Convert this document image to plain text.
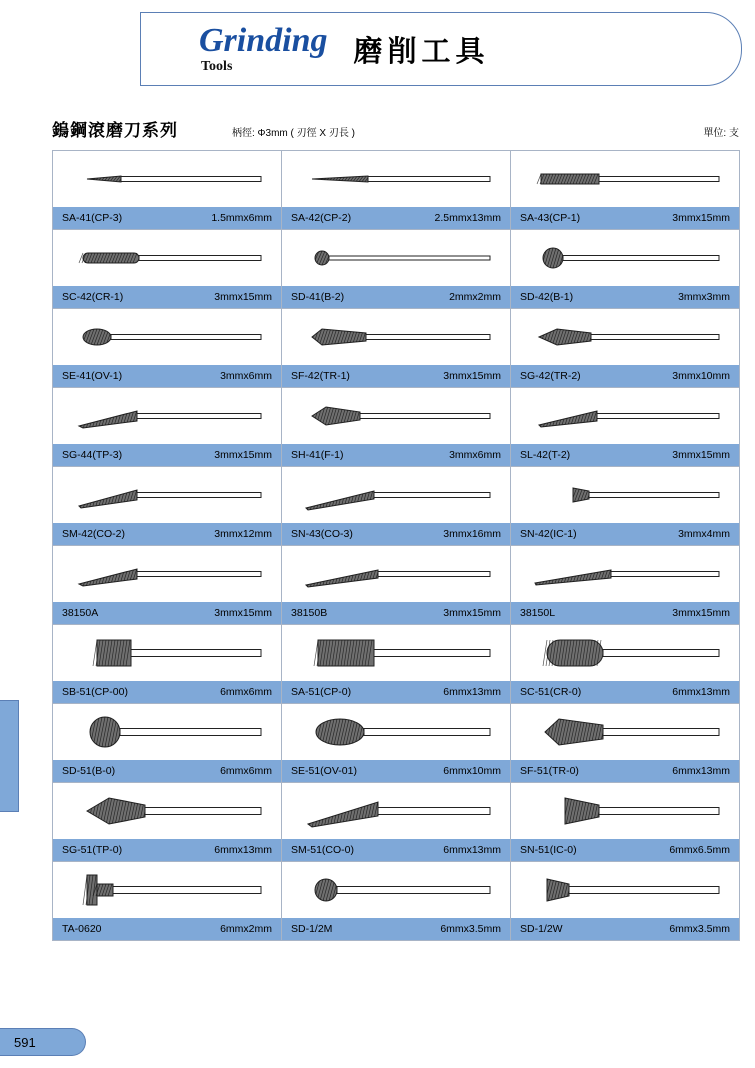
Grinding
Tools	磨削工具
鎢鋼滾磨刀系列	柄徑: Φ3mm ( 刃徑 X 刃長 )	單位: 支
SA-41(CP-3) 1.5mmx6mm	SA-42(CP-2) 2.5mmx13mm	SA-43(CP-1) 3mmx15mm

SC-42(CR-1) 3mmx15mm	SD-41(B-2) 2mmx2mm	SD-42(B-1) 3mmx3mm

SE-41(OV-1) 3mmx6mm	SF-42(TR-1) 3mmx15mm	SG-42(TR-2) 3mmx10mm

SG-44(TP-3) 3mmx15mm	SH-41(F-1) 3mmx6mm	SL-42(T-2) 3mmx15mm

SM-42(CO-2) 3mmx12mm	SN-43(CO-3) 3mmx16mm	SN-42(IC-1) 3mmx4mm

38150A 3mmx15mm	38150B 3mmx15mm	38150L 3mmx15mm

SB-51(CP-00) 6mmx6mm	SA-51(CP-0) 6mmx13mm	SC-51(CR-0) 6mmx13mm

SD-51(B-0) 6mmx6mm	SE-51(OV-01) 6mmx10mm	SF-51(TR-0) 6mmx13mm

SG-51(TP-0) 6mmx13mm	SM-51(CO-0) 6mmx13mm	SN-51(IC-0) 6mmx6.5mm

TA-0620 6mmx2mm	SD-1/2M 6mmx3.5mm	SD-1/2W 6mmx3.5mm
591
